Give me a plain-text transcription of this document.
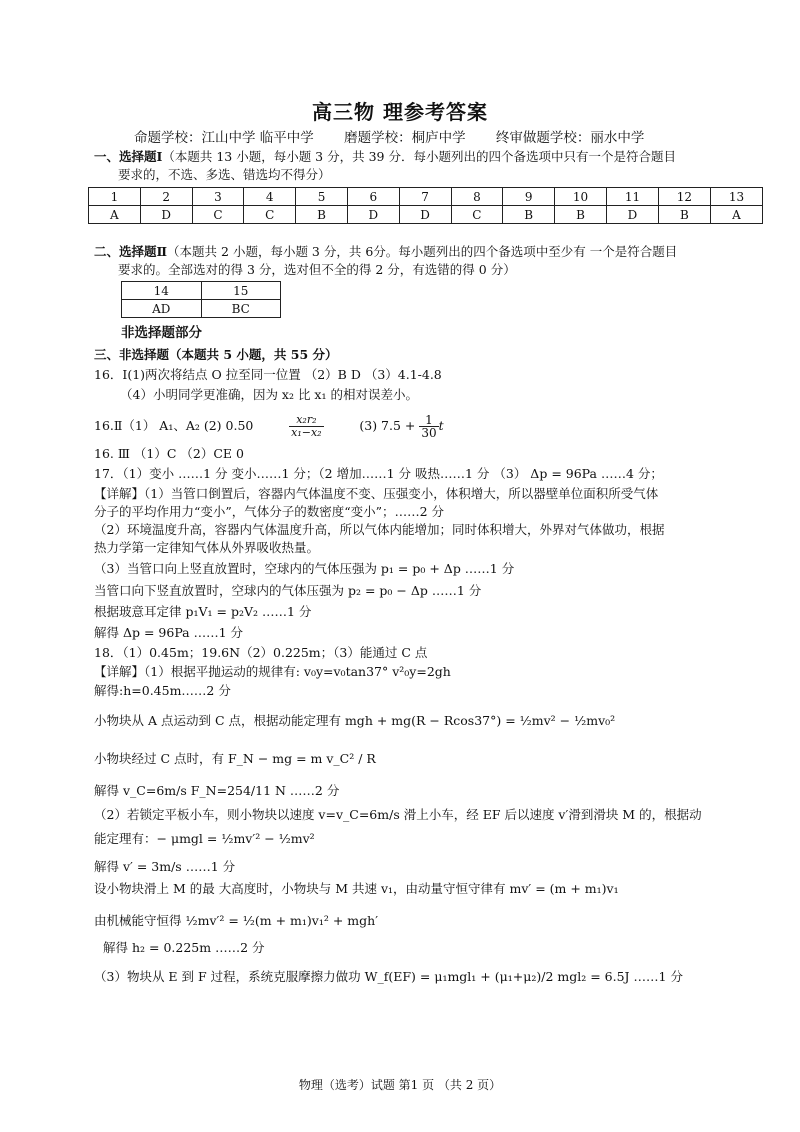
高三物 理参考答案
命题学校：江山中学 临平中学 磨题学校：桐庐中学 终审做题学校：丽水中学
一、选择题Ⅰ（本题共 13 小题，每小题 3 分，共 39 分．每小题列出的四个备选项中只有一个是符合题目
要求的，不选、多选、错选均不得分）
1	2	3	4	5	6	7	8	9	10	11	12	13
A	D	C	C	B	D	D	C	B	B	D	B	A
二、选择题Ⅱ（本题共 2 小题，每小题 3 分，共 6分。每小题列出的四个备选项中至少有 一个是符合题目
要求的。全部选对的得 3 分，选对但不全的得 2 分，有选错的得 0 分）
14	15
AD	BC
非选择题部分
三、非选择题（本题共 5 小题，共 55 分）
16．Ⅰ(1)两次将结点 O 拉至同一位置 （2）B D （3）4.1-4.8
（4）小明同学更准确，因为 x₂ 比 x₁ 的相对误差小。
16.Ⅱ（1） A₁、A₂ (2) 0.50	$\frac{\text{x₂r₂}}{\text{x₁−x₂}}$	(3) $7.5 + \frac{1}{30}$ t
16. Ⅲ （1）C （2）CE 0
17．（1）变小 ……1 分 变小……1 分；（2 增加……1 分 吸热……1 分 （3） Δp = 96Pa ……4 分；
【详解】（1）当管口倒置后，容器内气体温度不变、压强变小，体积增大，所以器壁单位面积所受气体
分子的平均作用力“变小”，气体分子的数密度“变小”；……2 分
（2）环境温度升高，容器内气体温度升高，所以气体内能增加；同时体积增大，外界对气体做功，根据
热力学第一定律知气体从外界吸收热量。
（3）当管口向上竖直放置时，空球内的气体压强为 p₁ = p₀ + Δp ……1 分
当管口向下竖直放置时，空球内的气体压强为 p₂ = p₀ − Δp ……1 分
根据玻意耳定律 p₁V₁ = p₂V₂ ……1 分
解得 Δp = 96Pa ……1 分
18．（1）0.45m；19.6N（2）0.225m；（3）能通过 C 点
【详解】（1）根据平抛运动的规律有: v₀y=v₀tan37° v²₀y=2gh
解得:h=0.45m……2 分
小物块从 A 点运动到 C 点，根据动能定理有 mgh + mg(R − Rcos37°) = ½mv² − ½mv₀²
小物块经过 C 点时，有 F_N − mg = m v_C² / R
解得 v_C=6m/s F_N=254/11 N ……2 分
（2）若锁定平板小车，则小物块以速度 v=v_C=6m/s 滑上小车，经 EF 后以速度 v′滑到滑块 M 的，根据动
能定理有：− μmgl = ½mv′² − ½mv²
解得 v′ = 3m/s ……1 分
设小物块滑上 M 的最 大高度时，小物块与 M 共速 v₁，由动量守恒守律有 mv′ = (m + m₁)v₁
由机械能守恒得 ½mv′² = ½(m + m₁)v₁² + mgh′
解得 h₂ = 0.225m ……2 分
（3）物块从 E 到 F 过程，系统克服摩擦力做功 W_f(EF) = μ₁mgl₁ + (μ₁+μ₂)/2 mgl₂ = 6.5J ……1 分
物理（选考）试题 第1 页 （共 2 页）
